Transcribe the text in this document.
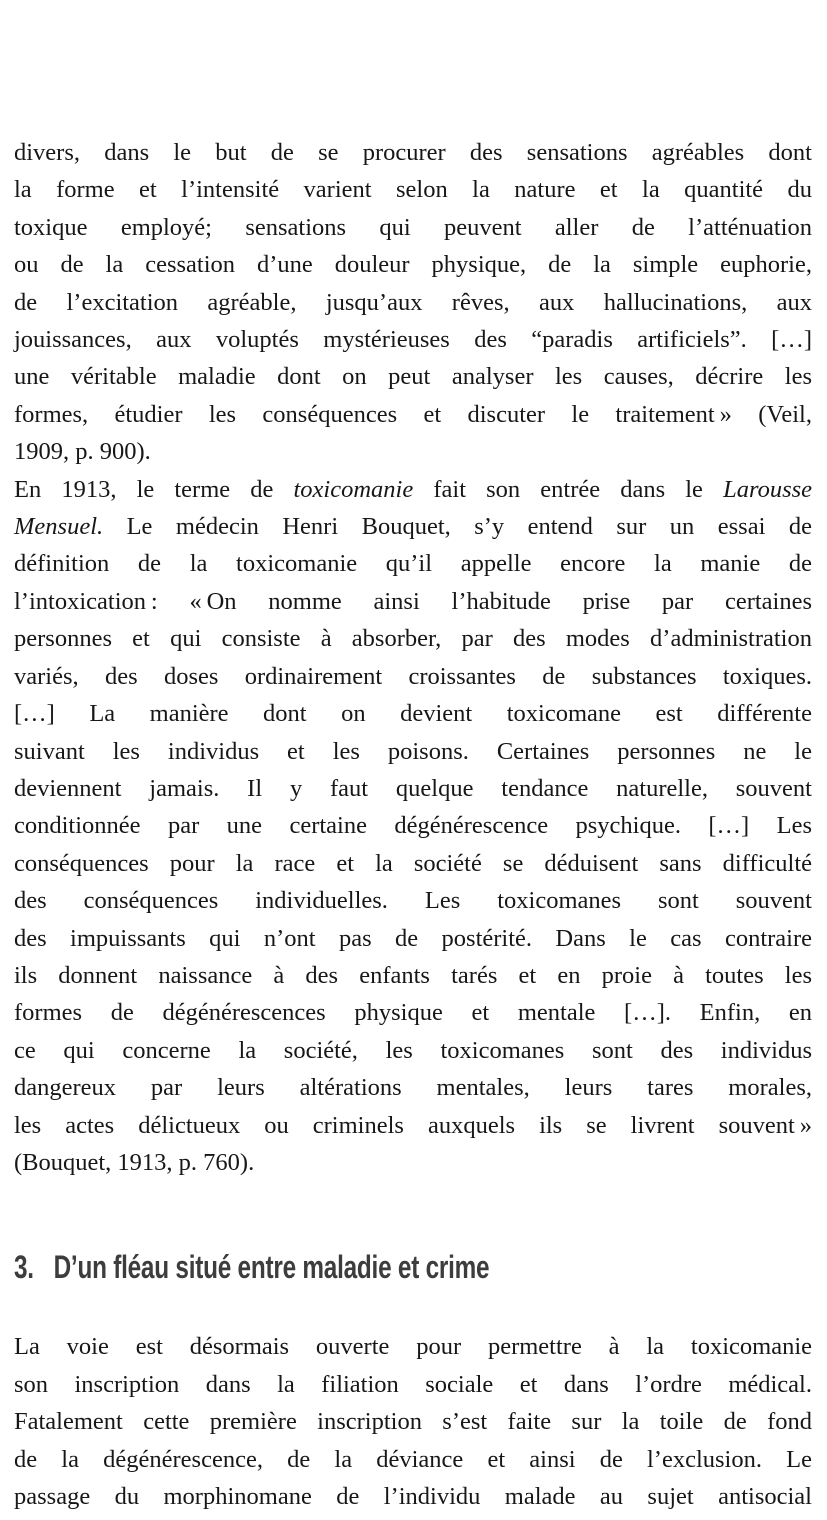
divers, dans le but de se procurer des sensations agréables dont
la forme et l’intensité varient selon la nature et la quantité du
toxique employé; sensations qui peuvent aller de l’atténuation
ou de la cessation d’une douleur physique, de la simple euphorie,
de l’excitation agréable, jusqu’aux rêves, aux hallucinations, aux
jouissances, aux voluptés mystérieuses des “paradis artificiels”. […]
une véritable maladie dont on peut analyser les causes, décrire les
formes, étudier les conséquences et discuter le traitement » (Veil,
1909, p. 900).
En 1913, le terme de toxicomanie fait son entrée dans le Larousse
Mensuel. Le médecin Henri Bouquet, s’y entend sur un essai de
définition de la toxicomanie qu’il appelle encore la manie de
l’intoxication : « On nomme ainsi l’habitude prise par certaines
personnes et qui consiste à absorber, par des modes d’administration
variés, des doses ordinairement croissantes de substances toxiques.
[…] La manière dont on devient toxicomane est différente
suivant les individus et les poisons. Certaines personnes ne le
deviennent jamais. Il y faut quelque tendance naturelle, souvent
conditionnée par une certaine dégénérescence psychique. […] Les
conséquences pour la race et la société se déduisent sans difficulté
des conséquences individuelles. Les toxicomanes sont souvent
des impuissants qui n’ont pas de postérité. Dans le cas contraire
ils donnent naissance à des enfants tarés et en proie à toutes les
formes de dégénérescences physique et mentale […]. Enfin, en
ce qui concerne la société, les toxicomanes sont des individus
dangereux par leurs altérations mentales, leurs tares morales,
les actes délictueux ou criminels auxquels ils se livrent souvent »
(Bouquet, 1913, p. 760).
3. D’un fléau situé entre maladie et crime
La voie est désormais ouverte pour permettre à la toxicomanie
son inscription dans la filiation sociale et dans l’ordre médical.
Fatalement cette première inscription s’est faite sur la toile de fond
de la dégénérescence, de la déviance et ainsi de l’exclusion. Le
passage du morphinomane de l’individu malade au sujet antisocial
